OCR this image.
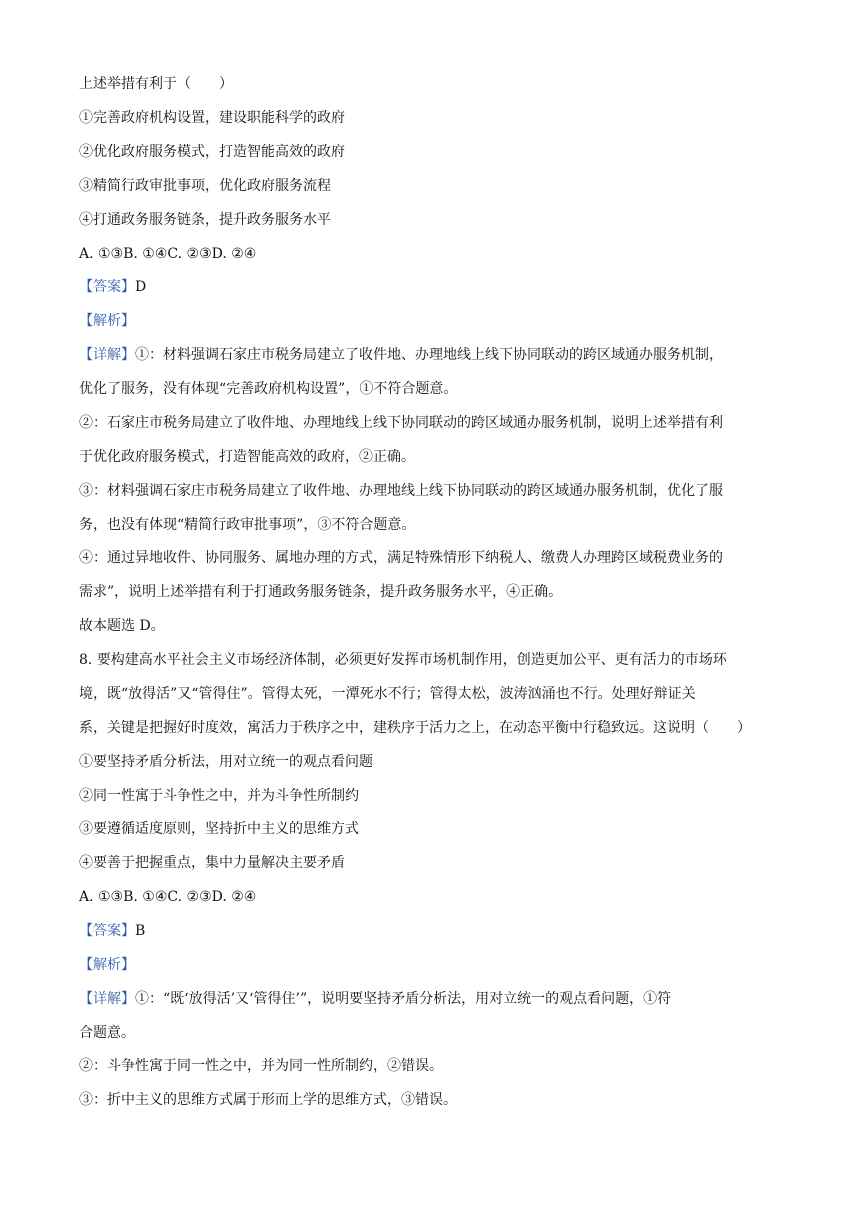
上述举措有利于（　　）
①完善政府机构设置，建设职能科学的政府
②优化政府服务模式，打造智能高效的政府
③精简行政审批事项，优化政府服务流程
④打通政务服务链条，提升政务服务水平
A. ①③B. ①④C. ②③D. ②④
【答案】D
【解析】
【详解】①：材料强调石家庄市税务局建立了收件地、办理地线上线下协同联动的跨区域通办服务机制，
优化了服务，没有体现“完善政府机构设置”，①不符合题意。
②：石家庄市税务局建立了收件地、办理地线上线下协同联动的跨区域通办服务机制，说明上述举措有利
于优化政府服务模式，打造智能高效的政府，②正确。
③：材料强调石家庄市税务局建立了收件地、办理地线上线下协同联动的跨区域通办服务机制，优化了服
务，也没有体现“精简行政审批事项”，③不符合题意。
④：通过异地收件、协同服务、属地办理的方式，满足特殊情形下纳税人、缴费人办理跨区域税费业务的
需求”，说明上述举措有利于打通政务服务链条，提升政务服务水平，④正确。
故本题选 D。
8. 要构建高水平社会主义市场经济体制，必须更好发挥市场机制作用，创造更加公平、更有活力的市场环
境，既“放得活”又“管得住”。管得太死，一潭死水不行；管得太松，波涛汹涌也不行。处理好辩证关
系，关键是把握好时度效，寓活力于秩序之中，建秩序于活力之上，在动态平衡中行稳致远。这说明（　　）
①要坚持矛盾分析法，用对立统一的观点看问题
②同一性寓于斗争性之中，并为斗争性所制约
③要遵循适度原则，坚持折中主义的思维方式
④要善于把握重点，集中力量解决主要矛盾
A. ①③B. ①④C. ②③D. ②④
【答案】B
【解析】
【详解】①：“既‘放得活’又‘管得住’”，说明要坚持矛盾分析法，用对立统一的观点看问题，①符
合题意。
②：斗争性寓于同一性之中，并为同一性所制约，②错误。
③：折中主义的思维方式属于形而上学的思维方式，③错误。
